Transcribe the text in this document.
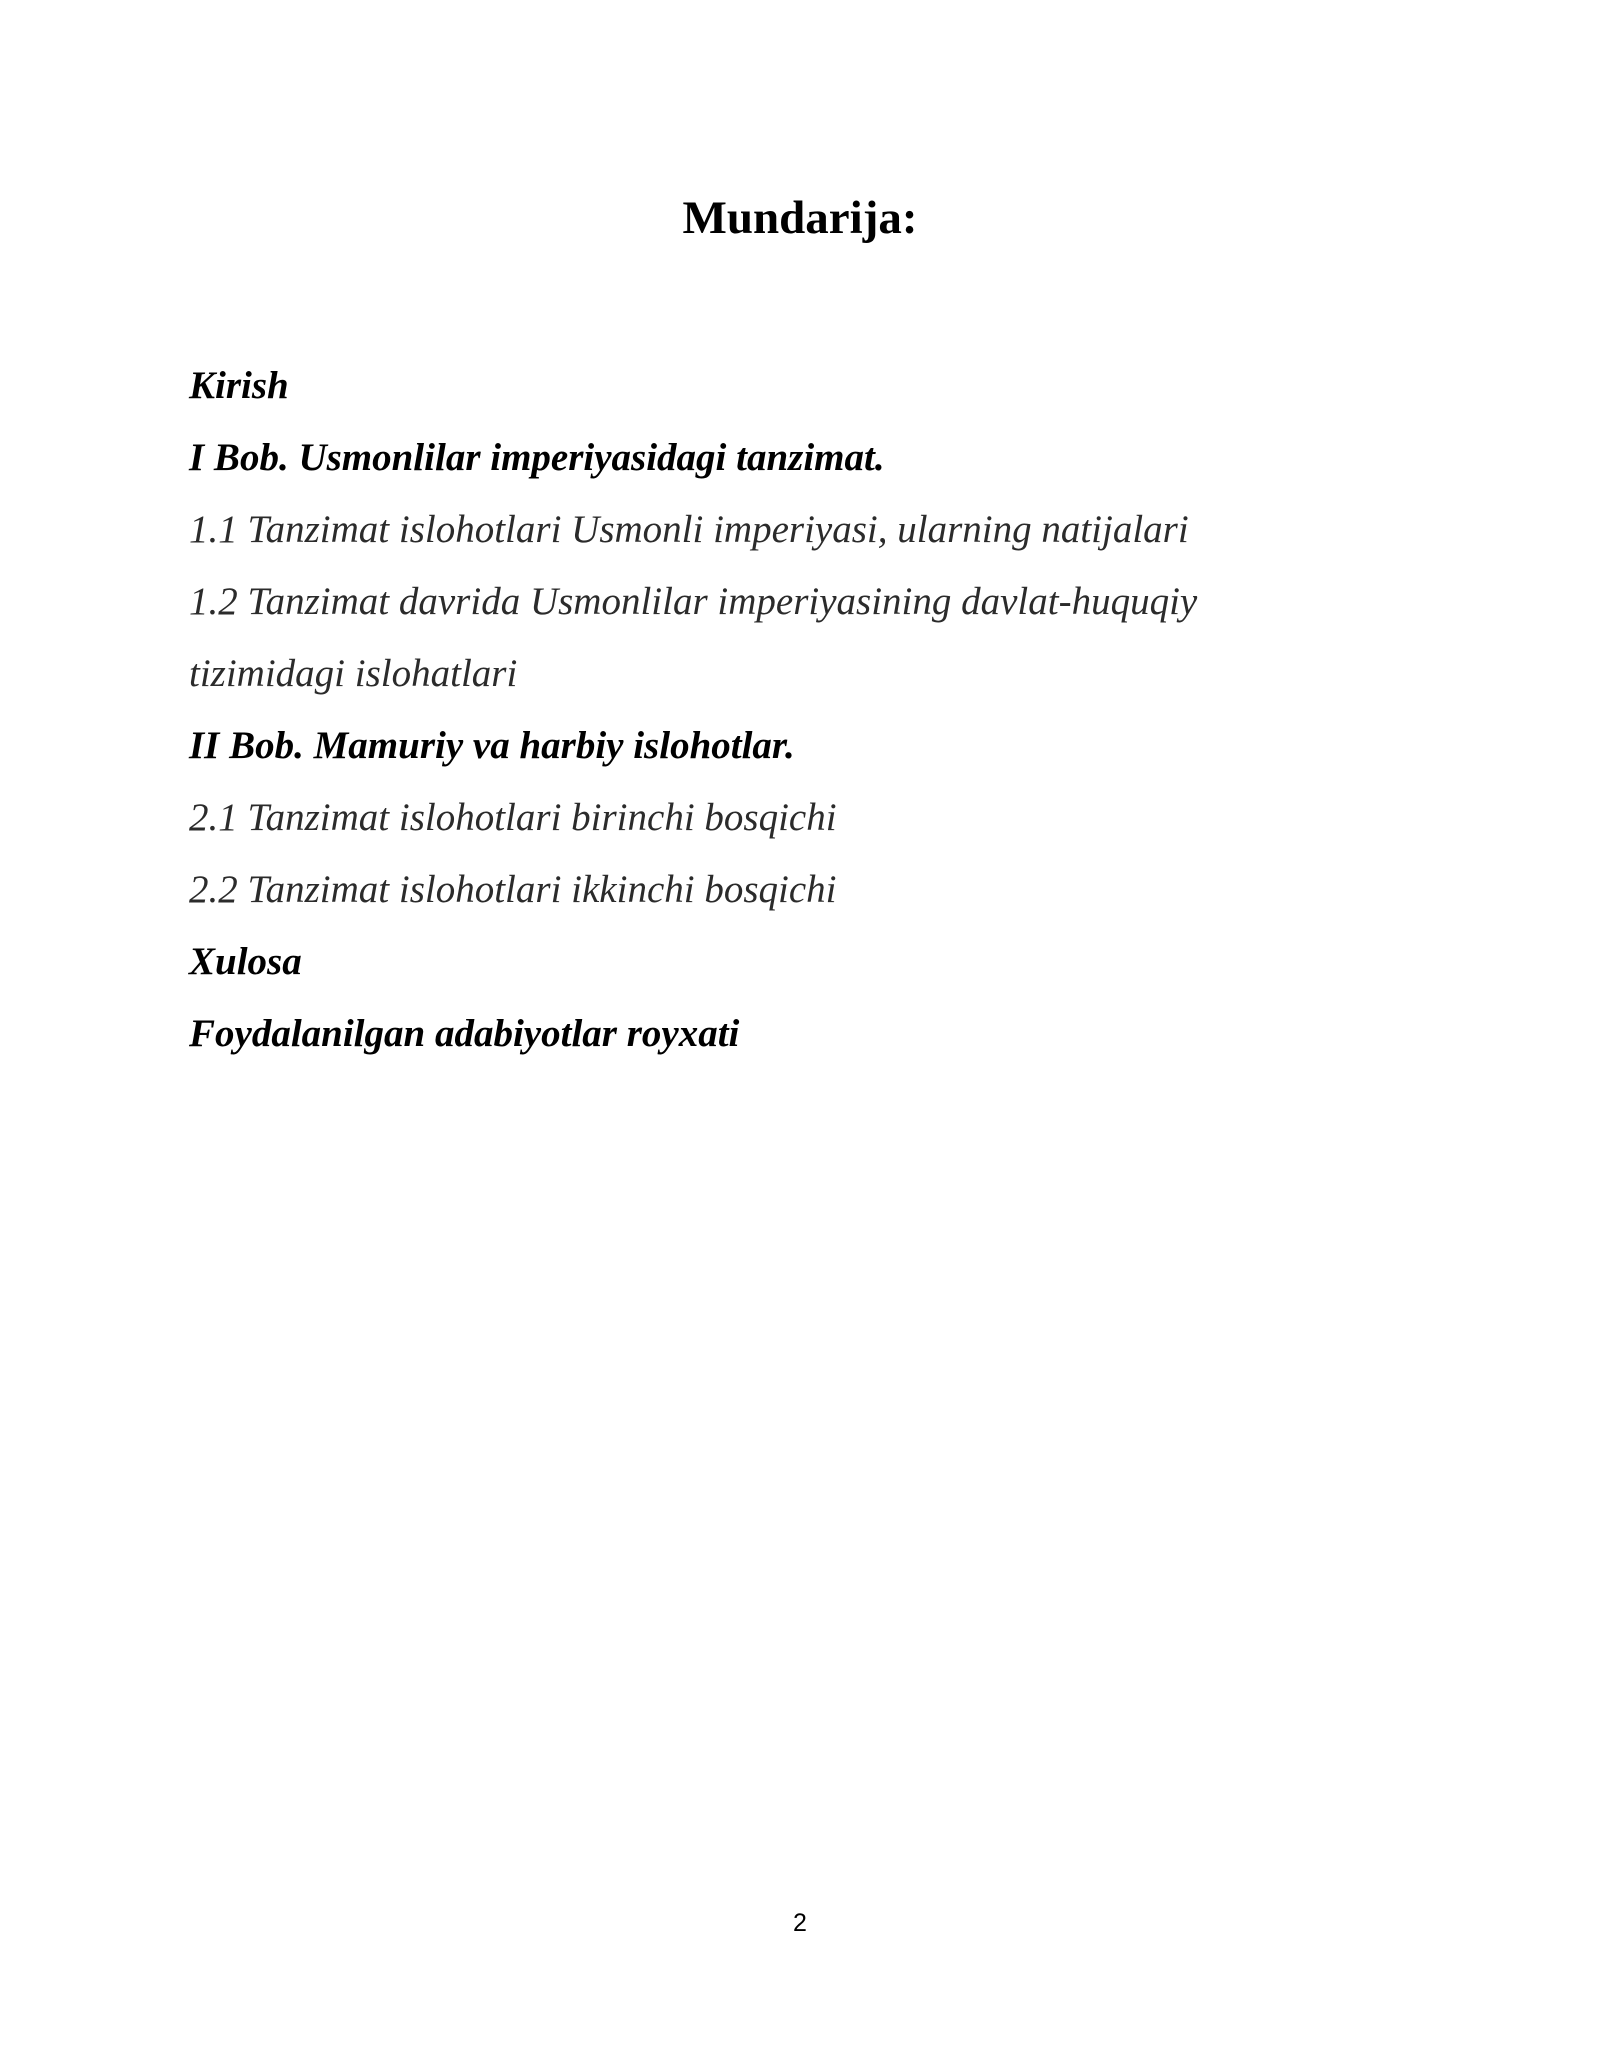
Mundarija:
Kirish
I Bob. Usmonlilar imperiyasidagi tanzimat.
1.1 Tanzimat islohotlari Usmonli imperiyasi, ularning natijalari
1.2 Tanzimat davrida Usmonlilar imperiyasining davlat-huquqiy
tizimidagi islohatlari
II Bob. Mamuriy va harbiy islohotlar.
2.1 Tanzimat islohotlari birinchi bosqichi
2.2 Tanzimat islohotlari ikkinchi bosqichi
Xulosa
Foydalanilgan adabiyotlar royxati
2
